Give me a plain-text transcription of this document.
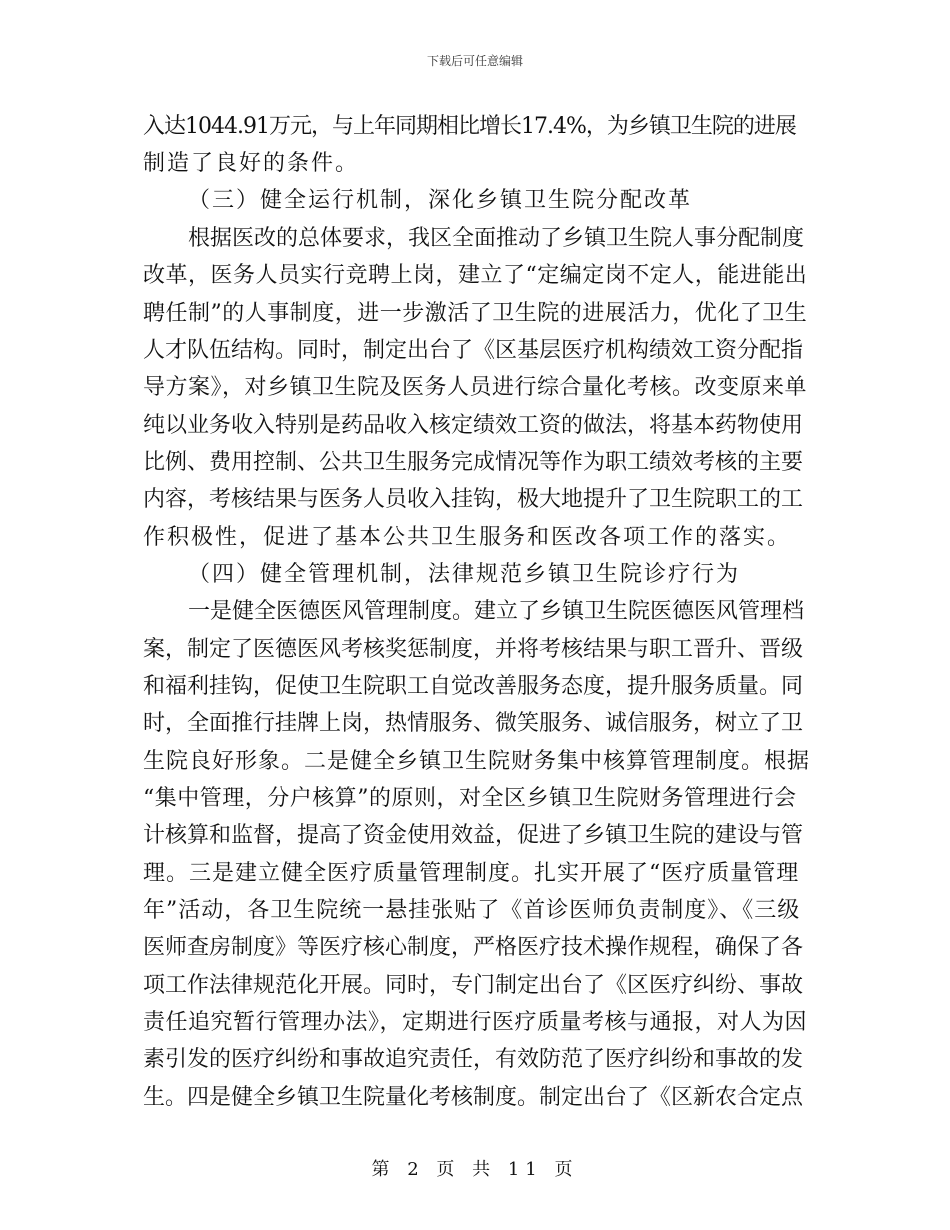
下载后可任意编辑
入达1044.91万元，与上年同期相比增长17.4%，为乡镇卫生院的进展
制造了良好的条件。
（三）健全运行机制，深化乡镇卫生院分配改革
根据医改的总体要求，我区全面推动了乡镇卫生院人事分配制度
改革，医务人员实行竞聘上岗，建立了“定编定岗不定人，能进能出
聘任制”的人事制度，进一步激活了卫生院的进展活力，优化了卫生
人才队伍结构。同时，制定出台了《区基层医疗机构绩效工资分配指
导方案》，对乡镇卫生院及医务人员进行综合量化考核。改变原来单
纯以业务收入特别是药品收入核定绩效工资的做法，将基本药物使用
比例、费用控制、公共卫生服务完成情况等作为职工绩效考核的主要
内容，考核结果与医务人员收入挂钩，极大地提升了卫生院职工的工
作积极性，促进了基本公共卫生服务和医改各项工作的落实。
（四）健全管理机制，法律规范乡镇卫生院诊疗行为
一是健全医德医风管理制度。建立了乡镇卫生院医德医风管理档
案，制定了医德医风考核奖惩制度，并将考核结果与职工晋升、晋级
和福利挂钩，促使卫生院职工自觉改善服务态度，提升服务质量。同
时，全面推行挂牌上岗，热情服务、微笑服务、诚信服务，树立了卫
生院良好形象。二是健全乡镇卫生院财务集中核算管理制度。根据
“集中管理，分户核算”的原则，对全区乡镇卫生院财务管理进行会
计核算和监督，提高了资金使用效益，促进了乡镇卫生院的建设与管
理。三是建立健全医疗质量管理制度。扎实开展了“医疗质量管理
年”活动，各卫生院统一悬挂张贴了《首诊医师负责制度》、《三级
医师查房制度》等医疗核心制度，严格医疗技术操作规程，确保了各
项工作法律规范化开展。同时，专门制定出台了《区医疗纠纷、事故
责任追究暂行管理办法》，定期进行医疗质量考核与通报，对人为因
素引发的医疗纠纷和事故追究责任，有效防范了医疗纠纷和事故的发
生。四是健全乡镇卫生院量化考核制度。制定出台了《区新农合定点
第 2 页 共 11 页
